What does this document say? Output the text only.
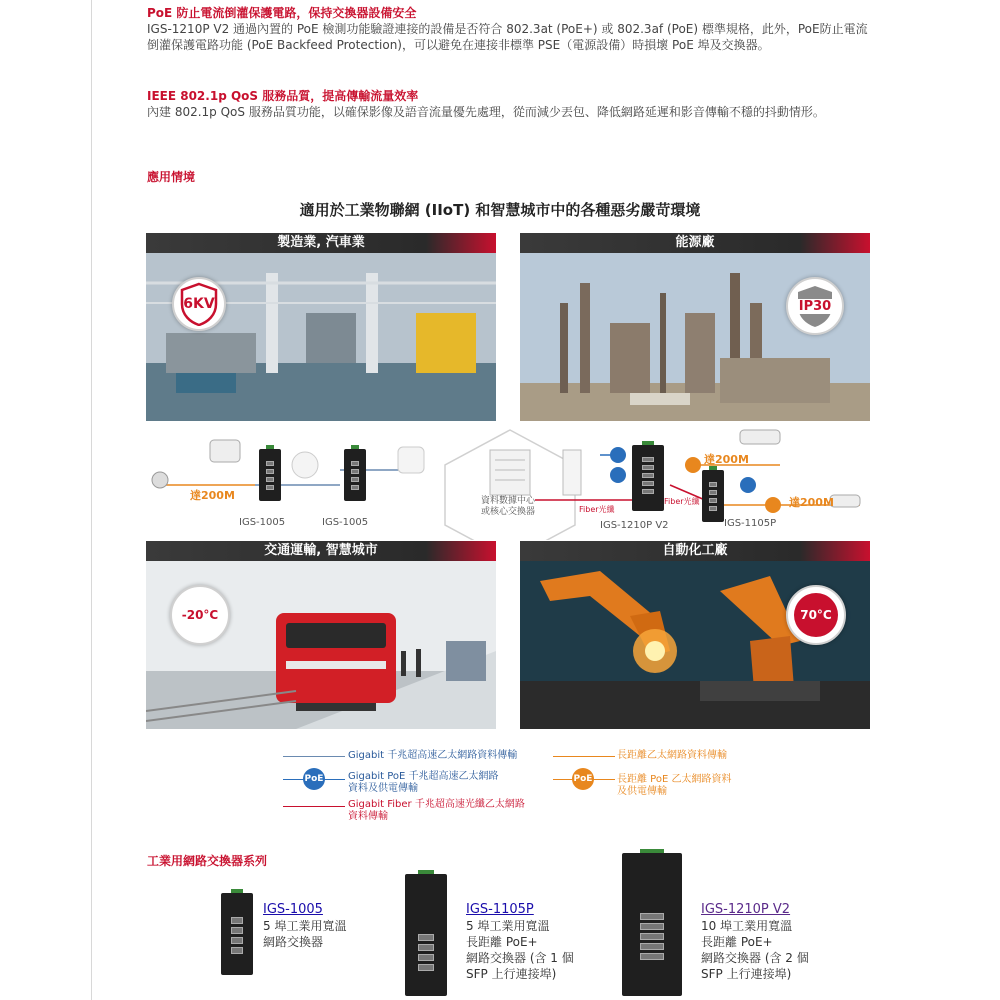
PoE 防止電流倒灌保護電路，保持交換器設備安全
IGS-1210P V2 通過內置的 PoE 檢測功能驗證連接的設備是否符合 802.3at (PoE+) 或 802.3af (PoE) 標準規格，此外，PoE防止電流倒灌保護電路功能 (PoE Backfeed Protection)，可以避免在連接非標準 PSE（電源設備）時損壞 PoE 埠及交換器。
IEEE 802.1p QoS 服務品質，提高傳輸流量效率
內建 802.1p QoS 服務品質功能，以確保影像及語音流量優先處理，從而減少丟包、降低網路延遲和影音傳輸不穩的抖動情形。
應用情境
適用於工業物聯網 (IIoT) 和智慧城市中的各種惡劣嚴苛環境
製造業, 汽車業
6KV
能源廠
IP30
交通運輸, 智慧城市
-20°C
自動化工廠
70°C
達200M
達200M
達200M
IGS-1005	IGS-1005	IGS-1210P V2	IGS-1105P
Fiber光纖
Fiber光纖
資料數據中心
或核心交換器
Gigabit 千兆超高速乙太網路資料傳輸	長距離乙太網路資料傳輸
PoE Gigabit PoE 千兆超高速乙太網路
資料及供電傳輸
PoE 長距離 PoE 乙太網路資料
及供電傳輸
Gigabit Fiber 千兆超高速光纖乙太網路
資料傳輸
工業用網路交換器系列
IGS-1005
5 埠工業用寬溫
網路交換器
IGS-1105P
5 埠工業用寬溫
長距離 PoE+
網路交換器 (含 1 個
SFP 上行連接埠)
IGS-1210P V2
10 埠工業用寬溫
長距離 PoE+
網路交換器 (含 2 個
SFP 上行連接埠)
